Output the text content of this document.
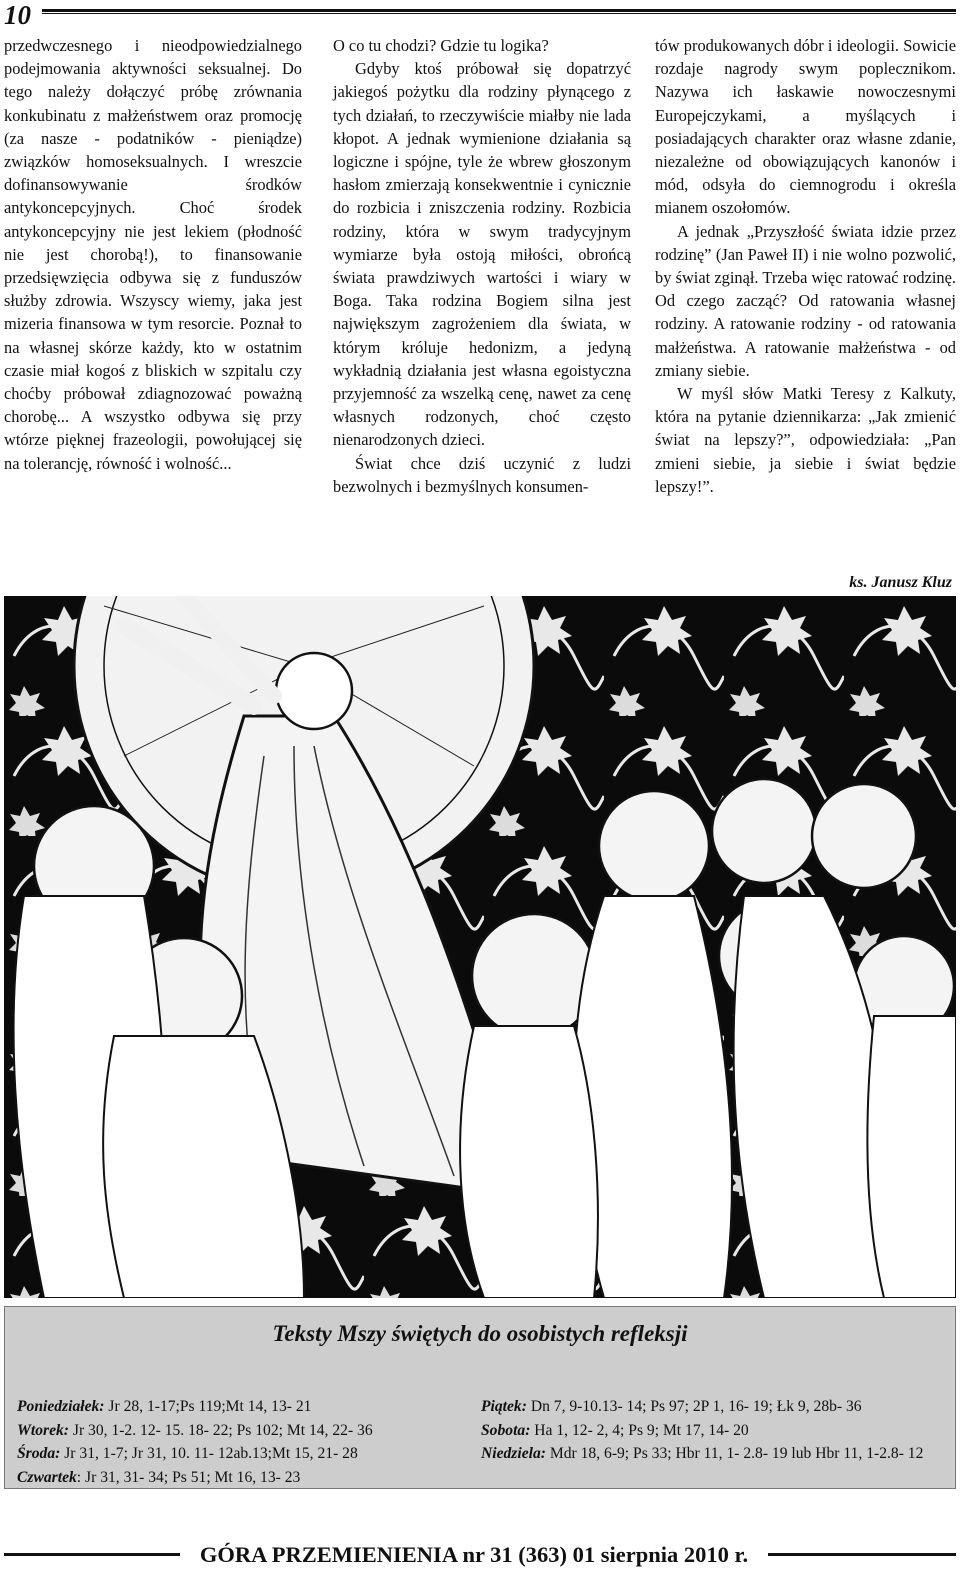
10

przedwczesnego i nieodpowiedzialnego podejmowania aktywności seksualnej. Do tego należy dołączyć próbę zrównania konkubinatu z małżeństwem oraz promocję (za nasze - podatników - pieniądze) związków homoseksualnych. I wreszcie dofinansowywanie środków antykoncepcyjnych. Choć środek antykoncepcyjny nie jest lekiem (płodność nie jest chorobą!), to finansowanie przedsięwzięcia odbywa się z funduszów służby zdrowia. Wszyscy wiemy, jaka jest mizeria finansowa w tym resorcie. Poznał to na własnej skórze każdy, kto w ostatnim czasie miał kogoś z bliskich w szpitalu czy choćby próbował zdiagnozować poważną chorobę... A wszystko odbywa się przy wtórze pięknej frazeologii, powołującej się na tolerancję, równość i wolność...

O co tu chodzi? Gdzie tu logika?

Gdyby ktoś próbował się dopatrzyć jakiegoś pożytku dla rodziny płynącego z tych działań, to rzeczywiście miałby nie lada kłopot. A jednak wymienione działania są logiczne i spójne, tyle że wbrew głoszonym hasłom zmierzają konsekwentnie i cynicznie do rozbicia i zniszczenia rodziny. Rozbicia rodziny, która w swym tradycyjnym wymiarze była ostoją miłości, obrońcą świata prawdziwych wartości i wiary w Boga. Taka rodzina Bogiem silna jest największym zagrożeniem dla świata, w którym króluje hedonizm, a jedyną wykładnią działania jest własna egoistyczna przyjemność za wszelką cenę, nawet za cenę własnych rodzonych, choć często nienarodzonych dzieci.

Świat chce dziś uczynić z ludzi bezwolnych i bezmyślnych konsumen-

tów produkowanych dóbr i ideologii. Sowicie rozdaje nagrody swym poplecznikom. Nazywa ich łaskawie nowoczesnymi Europejczykami, a myślących i posiadających charakter oraz własne zdanie, niezależne od obowiązujących kanonów i mód, odsyła do ciemnogrodu i określa mianem oszołomów.

A jednak „Przyszłość świata idzie przez rodzinę” (Jan Paweł II) i nie wolno pozwolić, by świat zginął. Trzeba więc ratować rodzinę. Od czego zacząć? Od ratowania własnej rodziny. A ratowanie rodziny - od ratowania małżeństwa. A ratowanie małżeństwa - od zmiany siebie.

W myśl słów Matki Teresy z Kalkuty, która na pytanie dziennikarza: „Jak zmienić świat na lepszy?”, odpowiedziała: „Pan zmieni siebie, ja siebie i świat będzie lepszy!”.

ks. Janusz Kluz
Teksty Mszy świętych do osobistych refleksji
Poniedziałek: Jr 28, 1-17;Ps 119;Mt 14, 13- 21
Wtorek: Jr 30, 1-2. 12- 15. 18- 22; Ps 102; Mt 14, 22- 36
Środa: Jr 31, 1-7; Jr 31, 10. 11- 12ab.13;Mt 15, 21- 28
Czwartek: Jr 31, 31- 34; Ps 51; Mt 16, 13- 23
Piątek: Dn 7, 9-10.13- 14; Ps 97; 2P 1, 16- 19; Łk 9, 28b- 36
Sobota: Ha 1, 12- 2, 4; Ps 9; Mt 17, 14- 20
Niedziela: Mdr 18, 6-9; Ps 33; Hbr 11, 1- 2.8- 19 lub Hbr 11, 1-2.8- 12
GÓRA PRZEMIENIENIA nr 31 (363) 01 sierpnia 2010 r.
